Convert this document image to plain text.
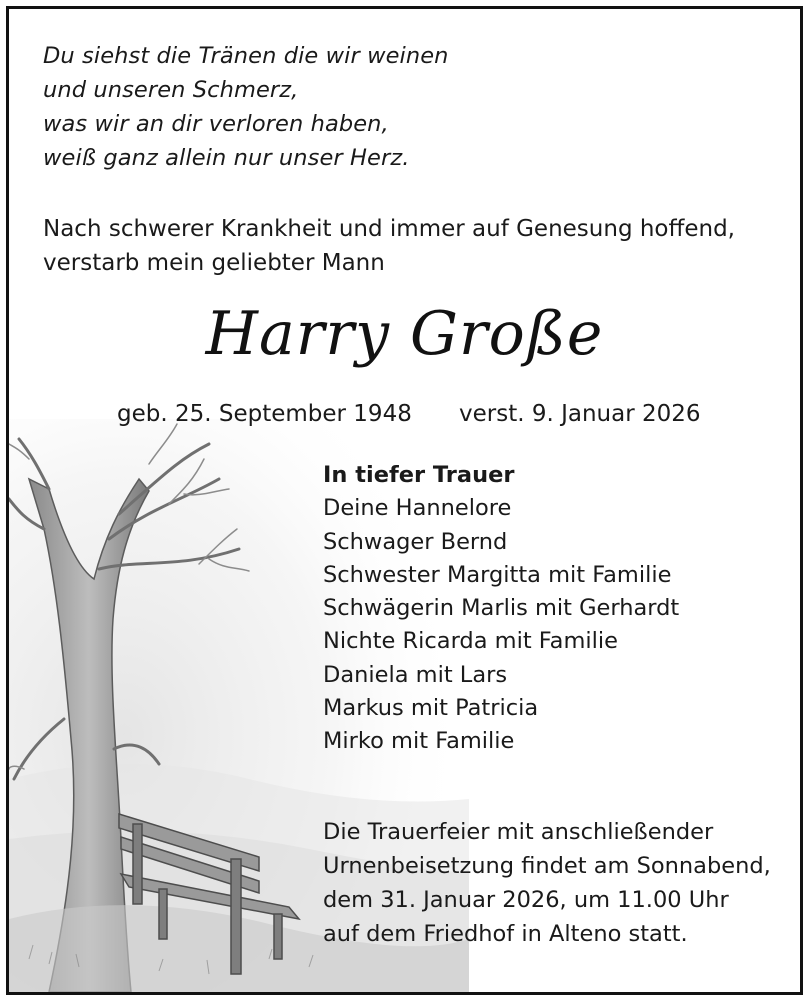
Du siehst die Tränen die wir weinen
und unseren Schmerz,
was wir an dir verloren haben,
weiß ganz allein nur unser Herz.
Nach schwerer Krankheit und immer auf Genesung hoffend,
verstarb mein geliebter Mann
Harry Große
geb. 25. September 1948 verst. 9. Januar 2026
In tiefer Trauer
Deine Hannelore
Schwager Bernd
Schwester Margitta mit Familie
Schwägerin Marlis mit Gerhardt
Nichte Ricarda mit Familie
Daniela mit Lars
Markus mit Patricia
Mirko mit Familie
Die Trauerfeier mit anschließender
Urnenbeisetzung findet am Sonnabend,
dem 31. Januar 2026, um 11.00 Uhr
auf dem Friedhof in Alteno statt.
